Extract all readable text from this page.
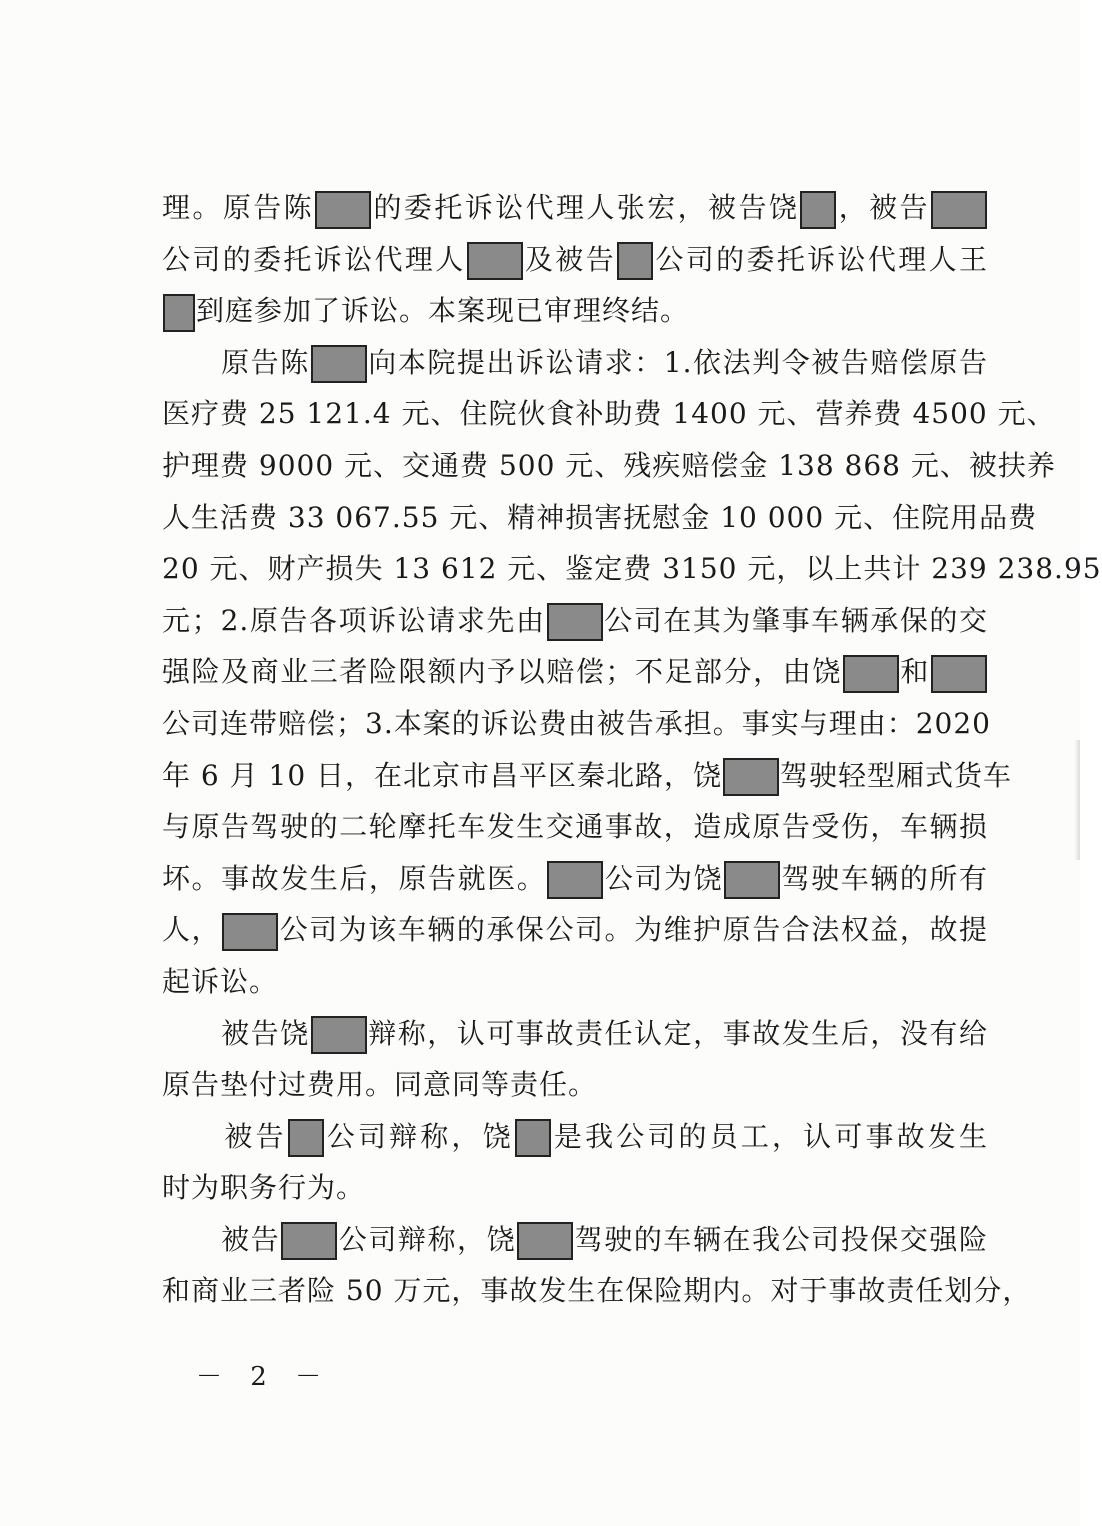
理。原告陈 的委托诉讼代理人张宏，被告饶 ，被告
公司的委托诉讼代理人 及被告 公司的委托诉讼代理人王
到庭参加了诉讼。本案现已审理终结。
　　原告陈 向本院提出诉讼请求：1.依法判令被告赔偿原告
医疗费 25 121.4 元、住院伙食补助费 1400 元、营养费 4500 元、
护理费 9000 元、交通费 500 元、残疾赔偿金 138 868 元、被扶养
人生活费 33 067.55 元、精神损害抚慰金 10 000 元、住院用品费
20 元、财产损失 13 612 元、鉴定费 3150 元，以上共计 239 238.95
元；2.原告各项诉讼请求先由 公司在其为肇事车辆承保的交
强险及商业三者险限额内予以赔偿；不足部分，由饶 和
公司连带赔偿；3.本案的诉讼费由被告承担。事实与理由：2020
年 6 月 10 日，在北京市昌平区秦北路，饶 驾驶轻型厢式货车
与原告驾驶的二轮摩托车发生交通事故，造成原告受伤，车辆损
坏。事故发生后，原告就医。 公司为饶 驾驶车辆的所有
人， 公司为该车辆的承保公司。为维护原告合法权益，故提
起诉讼。
　　被告饶 辩称，认可事故责任认定，事故发生后，没有给
原告垫付过费用。同意同等责任。
　　被告 公司辩称，饶 是我公司的员工，认可事故发生
时为职务行为。
　　被告 公司辩称，饶 驾驶的车辆在我公司投保交强险
和商业三者险 50 万元，事故发生在保险期内。对于事故责任划分，
－ 2 －
